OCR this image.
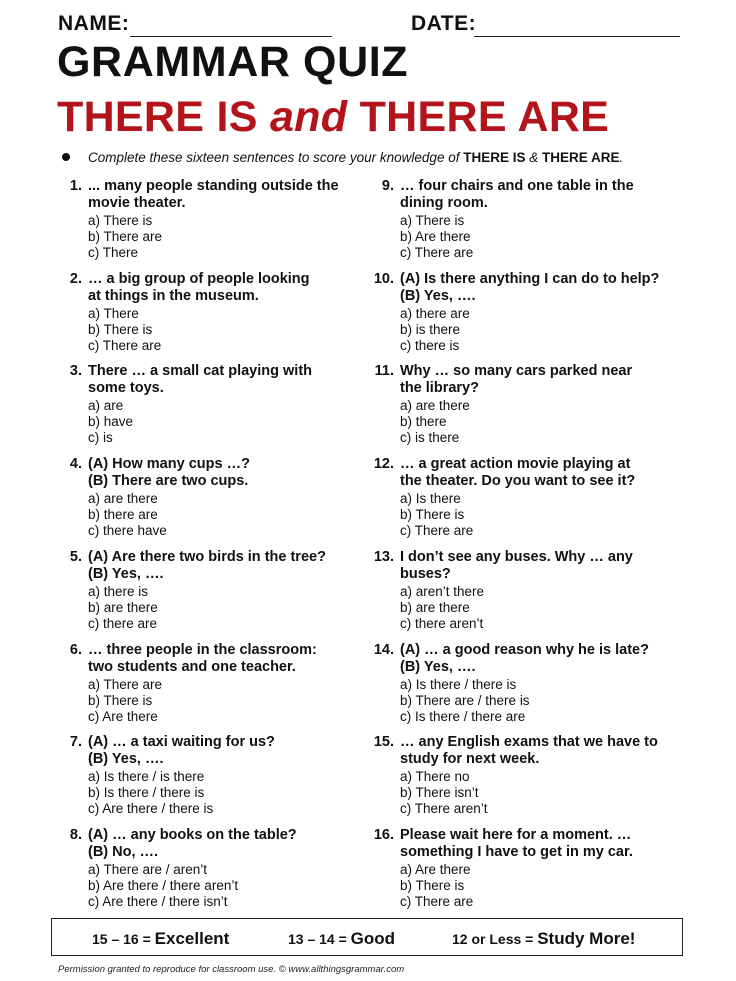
NAME:	DATE:
GRAMMAR QUIZ
THERE IS and THERE ARE
Complete these sixteen sentences to score your knowledge of THERE IS & THERE ARE.
1. ... many people standing outside the
movie theater.
a) There is
b) There are
c) There
2. … a big group of people looking
at things in the museum.
a) There
b) There is
c) There are
3. There … a small cat playing with
some toys.
a) are
b) have
c) is
4. (A) How many cups …?
(B) There are two cups.
a) are there
b) there are
c) there have
5. (A) Are there two birds in the tree?
(B) Yes, ….
a) there is
b) are there
c) there are
6. … three people in the classroom:
two students and one teacher.
a) There are
b) There is
c) Are there
7. (A) … a taxi waiting for us?
(B) Yes, ….
a) Is there / is there
b) Is there / there is
c) Are there / there is
8. (A) … any books on the table?
(B) No, ….
a) There are / aren’t
b) Are there / there aren’t
c) Are there / there isn’t
9. … four chairs and one table in the
dining room.
a) There is
b) Are there
c) There are
10. (A) Is there anything I can do to help?
(B) Yes, ….
a) there are
b) is there
c) there is
11. Why … so many cars parked near
the library?
a) are there
b) there
c) is there
12. … a great action movie playing at
the theater. Do you want to see it?
a) Is there
b) There is
c) There are
13. I don’t see any buses. Why … any
buses?
a) aren’t there
b) are there
c) there aren’t
14. (A) … a good reason why he is late?
(B) Yes, ….
a) Is there / there is
b) There are / there is
c) Is there / there are
15. … any English exams that we have to
study for next week.
a) There no
b) There isn’t
c) There aren’t
16. Please wait here for a moment. …
something I have to get in my car.
a) Are there
b) There is
c) There are
15 – 16 = Excellent	13 – 14 = Good	12 or Less = Study More!
Permission granted to reproduce for classroom use. © www.allthingsgrammar.com
